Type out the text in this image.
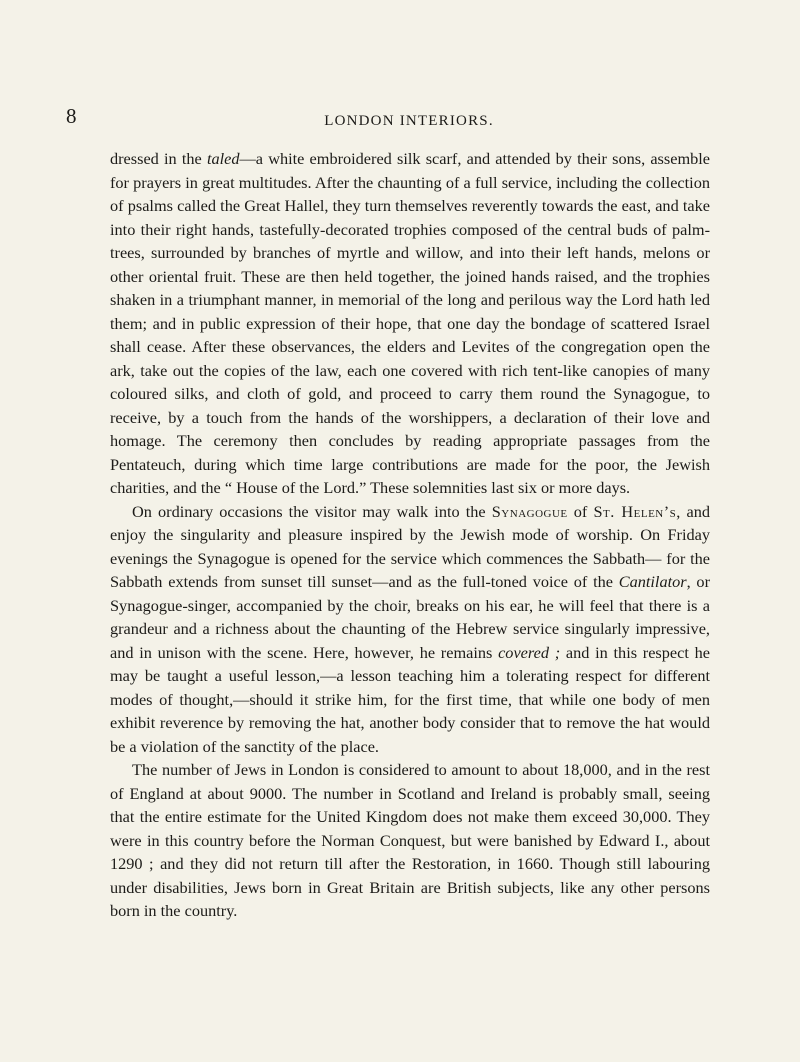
8	LONDON INTERIORS.

dressed in the taled—a white embroidered silk scarf, and attended by their sons, assemble for prayers in great multitudes. After the chaunting of a full service, including the collection of psalms called the Great Hallel, they turn themselves reverently towards the east, and take into their right hands, tastefully-decorated trophies composed of the central buds of palm-trees, surrounded by branches of myrtle and willow, and into their left hands, melons or other oriental fruit. These are then held together, the joined hands raised, and the trophies shaken in a triumphant manner, in memorial of the long and perilous way the Lord hath led them; and in public expression of their hope, that one day the bondage of scattered Israel shall cease. After these observances, the elders and Levites of the congregation open the ark, take out the copies of the law, each one covered with rich tent-like canopies of many coloured silks, and cloth of gold, and proceed to carry them round the Synagogue, to receive, by a touch from the hands of the worshippers, a declaration of their love and homage. The ceremony then concludes by reading appropriate passages from the Pentateuch, during which time large contributions are made for the poor, the Jewish charities, and the “ House of the Lord.” These solemnities last six or more days.

On ordinary occasions the visitor may walk into the Synagogue of St. Helen’s, and enjoy the singularity and pleasure inspired by the Jewish mode of worship. On Friday evenings the Synagogue is opened for the service which commences the Sabbath— for the Sabbath extends from sunset till sunset—and as the full-toned voice of the Cantilator, or Synagogue-singer, accompanied by the choir, breaks on his ear, he will feel that there is a grandeur and a richness about the chaunting of the Hebrew service singularly impressive, and in unison with the scene. Here, however, he remains covered ; and in this respect he may be taught a useful lesson,—a lesson teaching him a tolerating respect for different modes of thought,—should it strike him, for the first time, that while one body of men exhibit reverence by removing the hat, another body consider that to remove the hat would be a violation of the sanctity of the place.

The number of Jews in London is considered to amount to about 18,000, and in the rest of England at about 9000. The number in Scotland and Ireland is probably small, seeing that the entire estimate for the United Kingdom does not make them exceed 30,000. They were in this country before the Norman Conquest, but were banished by Edward I., about 1290 ; and they did not return till after the Restoration, in 1660. Though still labouring under disabilities, Jews born in Great Britain are British subjects, like any other persons born in the country.
